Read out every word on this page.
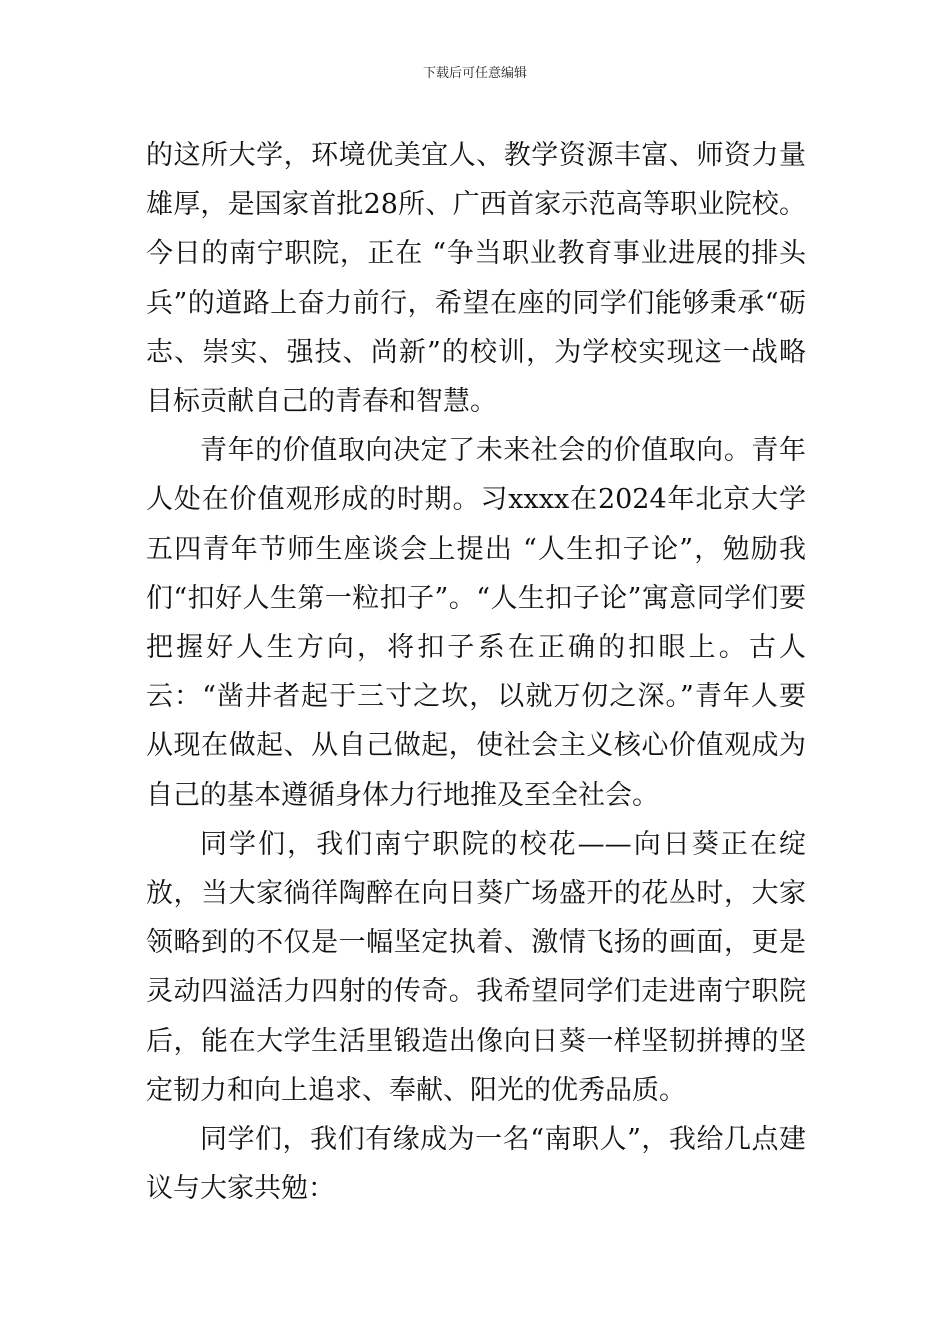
下载后可任意编辑

的这所大学，环境优美宜人、教学资源丰富、师资力量雄厚，是国家首批28所、广西首家示范高等职业院校。今日的南宁职院，正在 “争当职业教育事业进展的排头兵”的道路上奋力前行，希望在座的同学们能够秉承“砺志、崇实、强技、尚新”的校训，为学校实现这一战略目标贡献自己的青春和智慧。

青年的价值取向决定了未来社会的价值取向。青年人处在价值观形成的时期。习xxxx在2024年北京大学五四青年节师生座谈会上提出 “人生扣子论”，勉励我们“扣好人生第一粒扣子”。“人生扣子论”寓意同学们要把握好人生方向，将扣子系在正确的扣眼上。古人云：“凿井者起于三寸之坎，以就万仞之深。”青年人要从现在做起、从自己做起，使社会主义核心价值观成为自己的基本遵循身体力行地推及至全社会。

同学们，我们南宁职院的校花——向日葵正在绽放，当大家徜徉陶醉在向日葵广场盛开的花丛时，大家领略到的不仅是一幅坚定执着、激情飞扬的画面，更是灵动四溢活力四射的传奇。我希望同学们走进南宁职院后，能在大学生活里锻造出像向日葵一样坚韧拼搏的坚定韧力和向上追求、奉献、阳光的优秀品质。

同学们，我们有缘成为一名“南职人”，我给几点建议与大家共勉：
